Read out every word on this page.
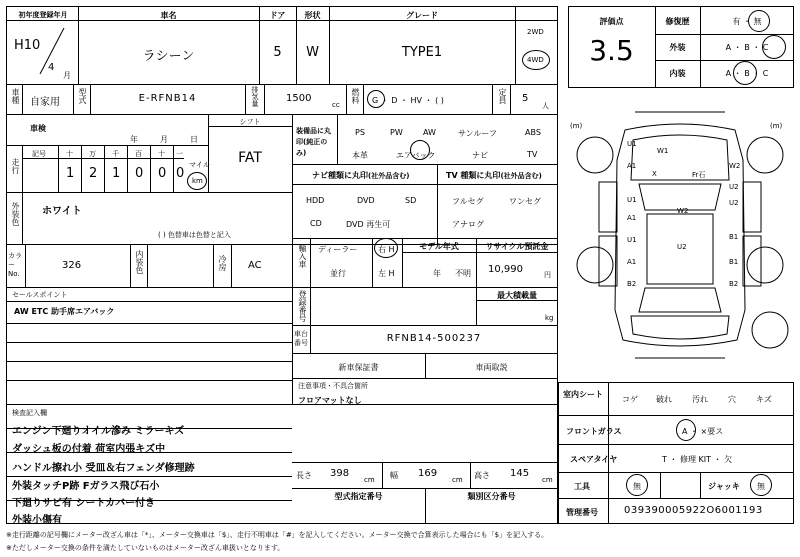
初年度登録年月	車名	ドア	形状	グレード
H10
4
月
ラシーン	5	W	TYPE1
2WD
4WD
車種 自家用 型式	E-RFNB14	排気量	1500
cc
燃料 G ・ D ・ HV ・ ( )	定員 5
人
車検
年	月	日
シフト
FAT
走行
記号	十 万 千 百 十 一
1 2 1 0 0 0
マイル
km
装備品に丸印(純正のみ)
PS	PW	AW	サンルーフ	ABS
本革	エアバック	ナビ	TV
ナビ種類に丸印(社外品含む)	TV 種類に丸印(社外品含む)
HDD	DVD	SD
CD	DVD 再生可
フルセグ	ワンセグ
アナログ
外装色 ホワイト
( ) 色替車は色替と記入
カラーNo.
326	内装色	冷房 AC	輸入車 ディーラー
並行
右 H
左 H
モデル年式
年 不明
リサイクル預託金
10,990	円
セールスポイント
AW ETC 助手席エアバック	登録番号	最大積載量
kg
車台番号	RFNB14-500237
新車保証書	車両取説
注意事項・不具合箇所
フロアマットなし
検査記入欄
エンジン下廻りオイル滲み ミラーキズ
ダッシュ板の付着 荷室内張キズ中
ハンドル擦れ小 受皿＆右フェンダ修理跡
外装タッチP跡 Fガラス飛び石小
下廻りサビ有 シートカバー付き
外装小傷有
長さ 398
cm 幅 169
cm 高さ 145
cm
型式指定番号	類別区分番号
評価点
3.5
修復歴	有 ・ 無
外装	A ・ B ・ C
内装	A ・ B ・ C
(m)	(m)
W1
U1
A1	W2
Fr石
X
U2
U1	U2
W2
A1
B1
U1
U2
A1	B1
B2	B2
室内シート
コゲ 破れ	汚れ	穴	キズ
フロントガラス	A ・ ×要ス
スペアタイヤ	T ・ 修理 KIT ・ 欠
工具	無	ジャッキ 無
管理番号	039390005922O6001193
※走行距離の記号欄にメーター改ざん車は「*」、メーター交換車は「$」、走行不明車は「#」を記入してください。メーター交換で合算表示した場合にも「$」を記入する。
※ただしメーター交換の条件を満たしていないものはメーター改ざん車扱いとなります。
